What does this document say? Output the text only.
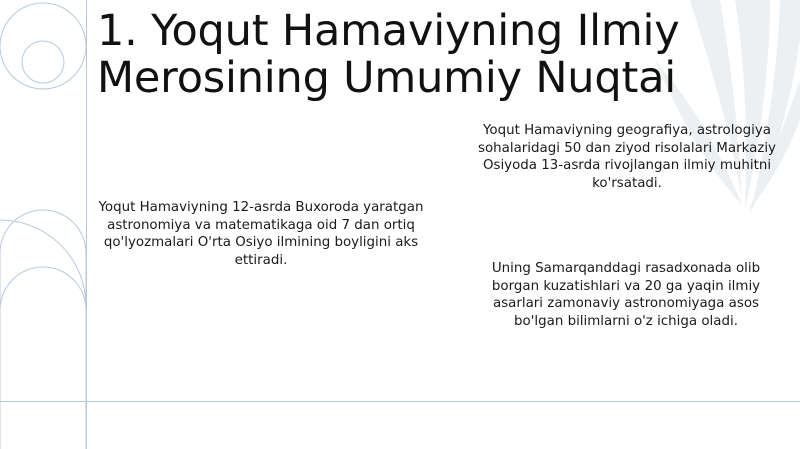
1. Yoqut Hamaviyning Ilmiy
Merosining Umumiy Nuqtai

Yoqut Hamaviyning 12-asrda Buxoroda yaratgan astronomiya va matematikaga oid 7 dan ortiq qo'lyozmalari O'rta Osiyo ilmining boyligini aks ettiradi.

Yoqut Hamaviyning geografiya, astrologiya sohalaridagi 50 dan ziyod risolalari Markaziy Osiyoda 13-asrda rivojlangan ilmiy muhitni ko'rsatadi.

Uning Samarqanddagi rasadxonada olib borgan kuzatishlari va 20 ga yaqin ilmiy asarlari zamonaviy astronomiyaga asos bo'lgan bilimlarni o'z ichiga oladi.
